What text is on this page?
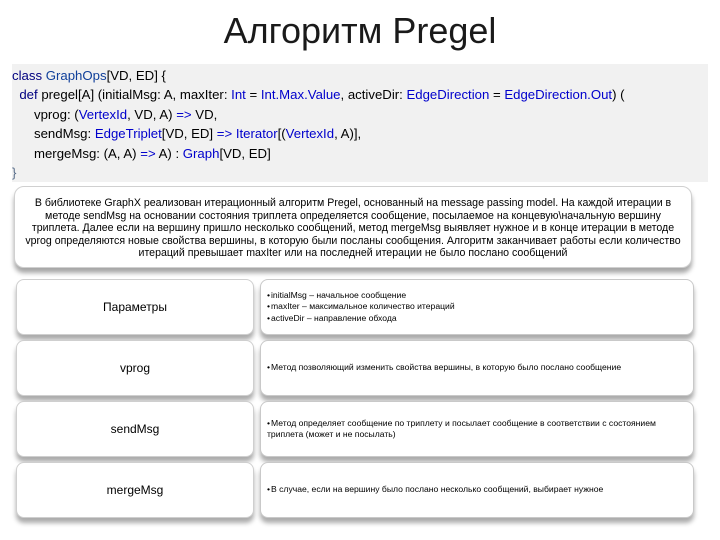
Алгоритм Pregel
class GraphOps[VD, ED] {
def pregel[A] (initialMsg: A, maxIter: Int = Int.Max.Value, activeDir: EdgeDirection = EdgeDirection.Out) (
vprog: (VertexId, VD, A) => VD,
sendMsg: EdgeTriplet[VD, ED] => Iterator[(VertexId, A)],
mergeMsg: (A, A) => A) : Graph[VD, ED]
}
В библиотеке GraphX реализован итерационный алгоритм Pregel, основанный на message passing model. На каждой итерации в методе sendMsg на основании состояния триплета определяется сообщение, посылаемое на концевую\начальную вершину триплета. Далее если на вершину пришло несколько сообщений, метод mergeMsg выявляет нужное и в конце итерации в методе vprog определяются новые свойства вершины, в которую были посланы сообщения. Алгоритм заканчивает работы если количество итераций превышает maxIter или на последней итерации не было послано сообщений
Параметры
• initialMsg – начальное сообщение
• maxIter – максимальное количество итераций
• activeDir – направление обхода
vprog	• Метод позволяющий изменить свойства вершины, в которую было послано сообщение
sendMsg	• Метод определяет сообщение по триплету и посылает сообщение в соответствии с состоянием триплета (может и не посылать)
mergeMsg	• В случае, если на вершину было послано несколько сообщений, выбирает нужное
